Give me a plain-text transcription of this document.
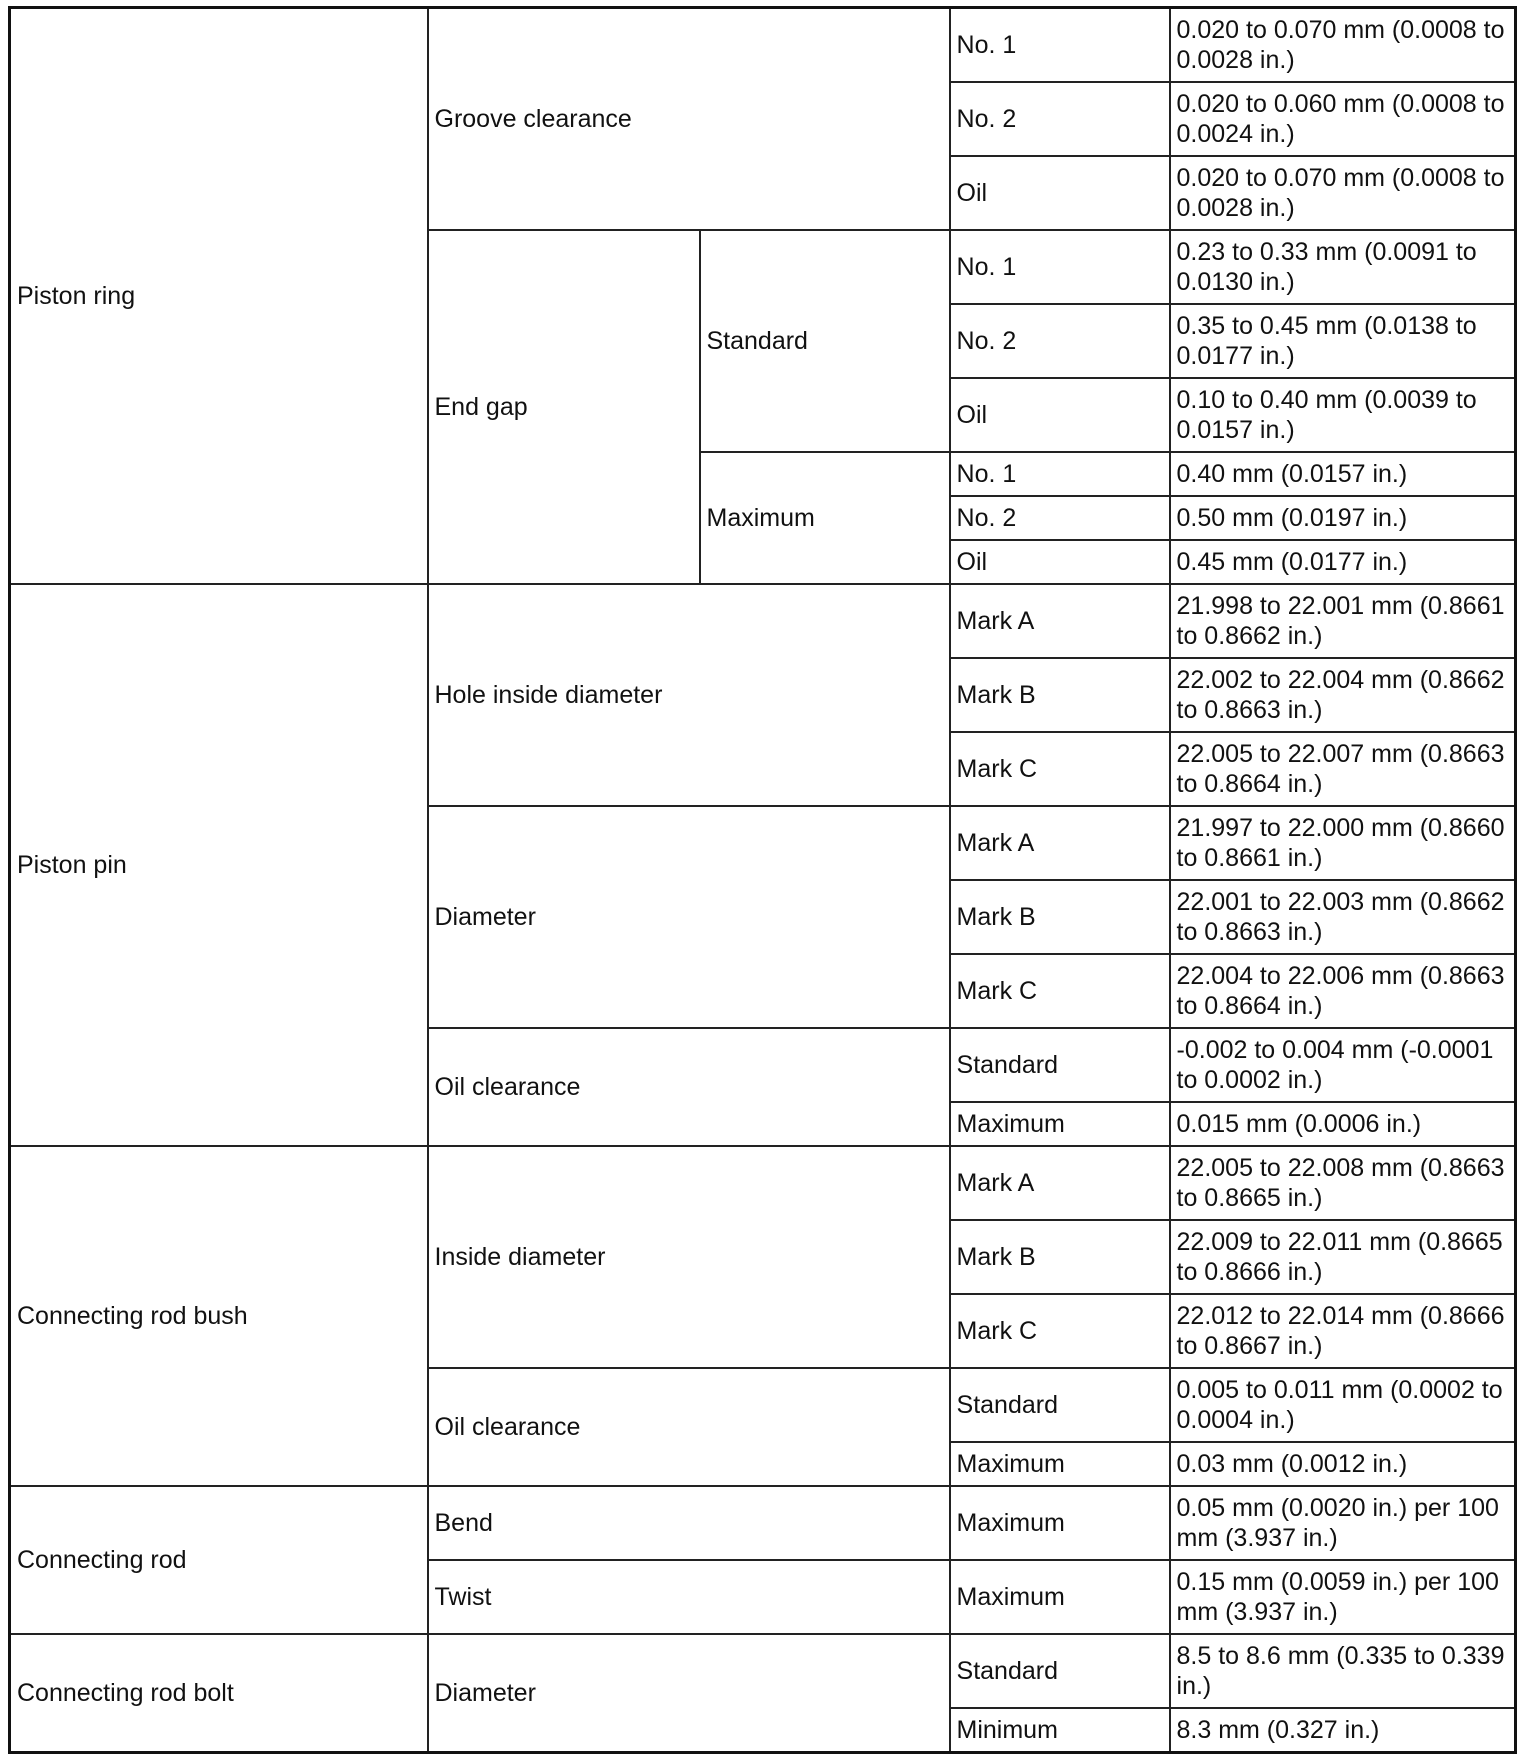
Piston ring	Groove clearance		No. 1	0.020 to 0.070 mm (0.0008 to 0.0028 in.)
			No. 2	0.020 to 0.060 mm (0.0008 to 0.0024 in.)
			Oil	0.020 to 0.070 mm (0.0008 to 0.0028 in.)
	End gap	Standard	No. 1	0.23 to 0.33 mm (0.0091 to 0.0130 in.)
			No. 2	0.35 to 0.45 mm (0.0138 to 0.0177 in.)
			Oil	0.10 to 0.40 mm (0.0039 to 0.0157 in.)
		Maximum	No. 1	0.40 mm (0.0157 in.)
			No. 2	0.50 mm (0.0197 in.)
			Oil	0.45 mm (0.0177 in.)
Piston pin	Hole inside diameter		Mark A	21.998 to 22.001 mm (0.8661 to 0.8662 in.)
			Mark B	22.002 to 22.004 mm (0.8662 to 0.8663 in.)
			Mark C	22.005 to 22.007 mm (0.8663 to 0.8664 in.)
	Diameter		Mark A	21.997 to 22.000 mm (0.8660 to 0.8661 in.)
			Mark B	22.001 to 22.003 mm (0.8662 to 0.8663 in.)
			Mark C	22.004 to 22.006 mm (0.8663 to 0.8664 in.)
	Oil clearance		Standard	-0.002 to 0.004 mm (-0.0001 to 0.0002 in.)
			Maximum	0.015 mm (0.0006 in.)
Connecting rod bush	Inside diameter		Mark A	22.005 to 22.008 mm (0.8663 to 0.8665 in.)
			Mark B	22.009 to 22.011 mm (0.8665 to 0.8666 in.)
			Mark C	22.012 to 22.014 mm (0.8666 to 0.8667 in.)
	Oil clearance		Standard	0.005 to 0.011 mm (0.0002 to 0.0004 in.)
			Maximum	0.03 mm (0.0012 in.)
Connecting rod	Bend		Maximum	0.05 mm (0.0020 in.) per 100 mm (3.937 in.)
	Twist		Maximum	0.15 mm (0.0059 in.) per 100 mm (3.937 in.)
Connecting rod bolt	Diameter		Standard	8.5 to 8.6 mm (0.335 to 0.339 in.)
			Minimum	8.3 mm (0.327 in.)
